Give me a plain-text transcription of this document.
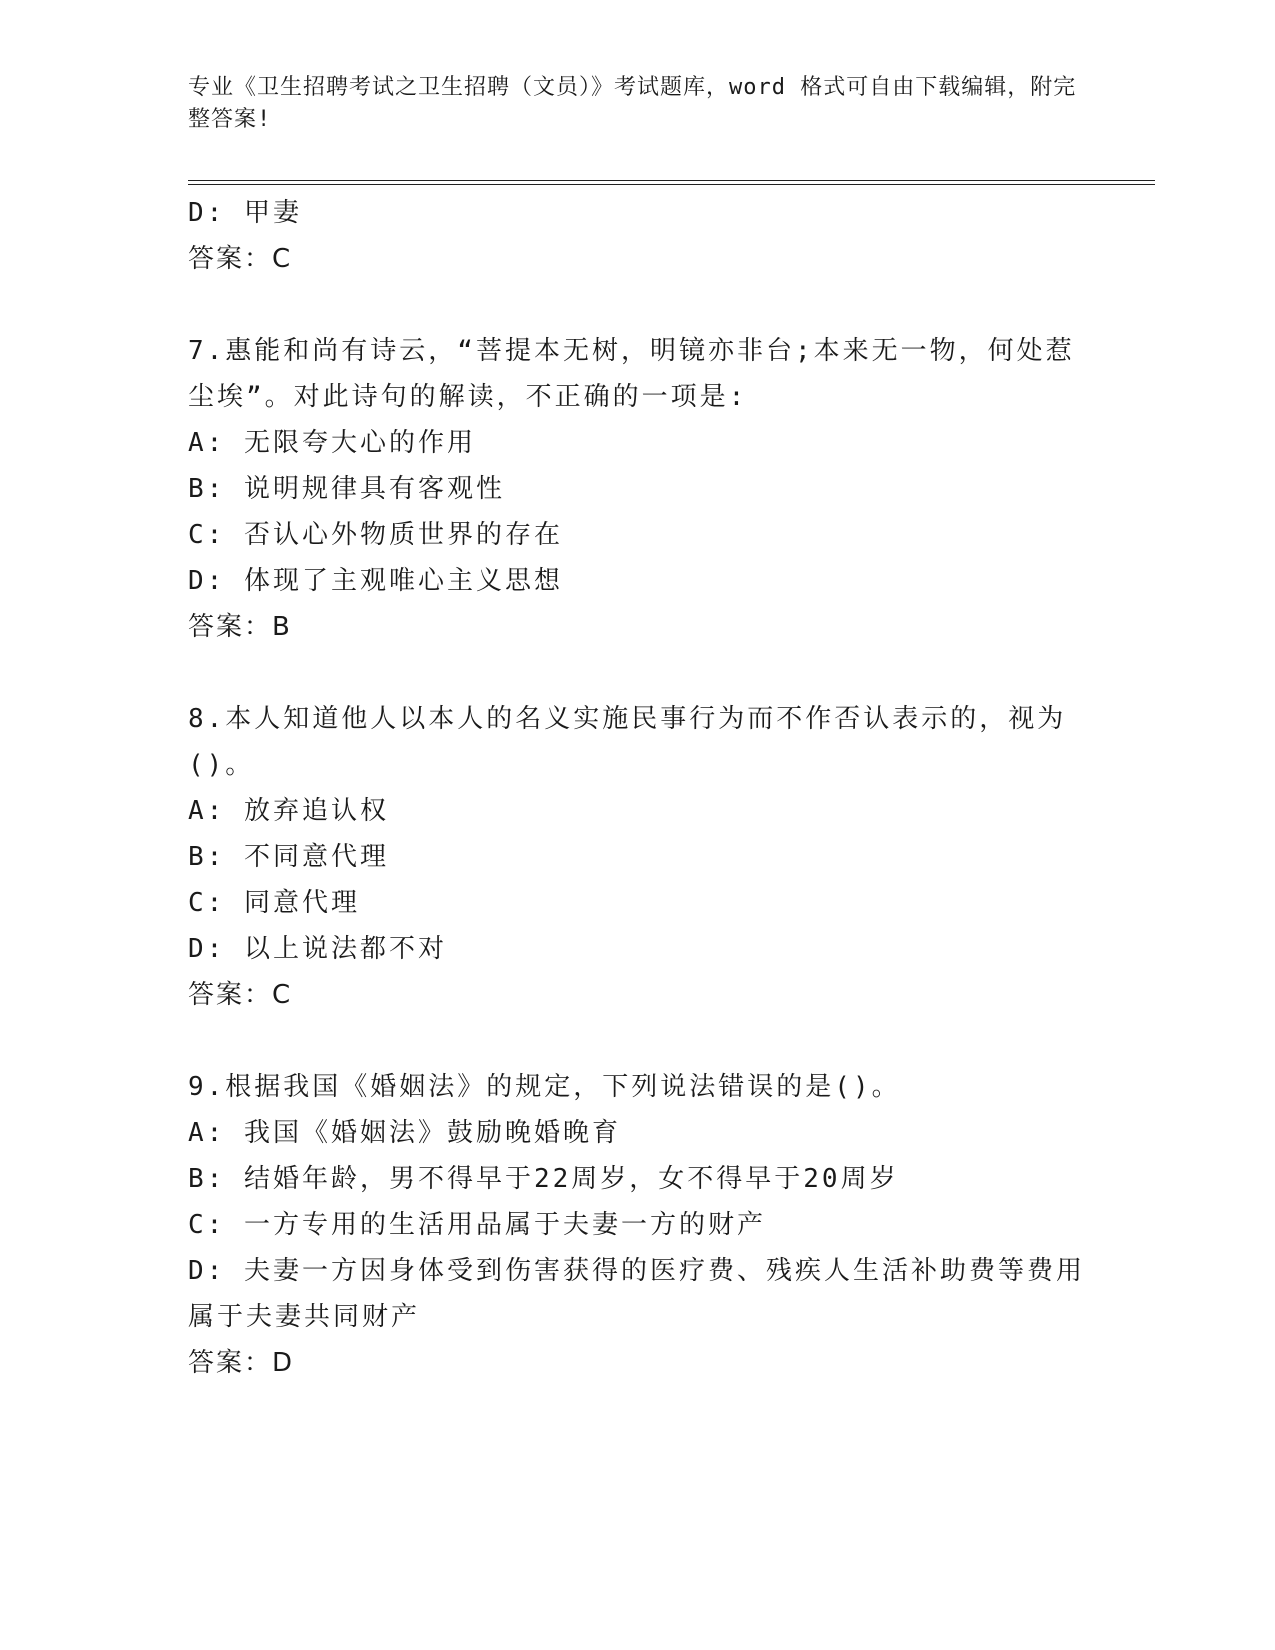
专业《卫生招聘考试之卫生招聘（文员）》考试题库，word 格式可自由下载编辑，附完整答案!
D: 甲妻
答案：C
7.惠能和尚有诗云，“菩提本无树，明镜亦非台;本来无一物，何处惹尘埃”。对此诗句的解读，不正确的一项是:
A: 无限夸大心的作用
B: 说明规律具有客观性
C: 否认心外物质世界的存在
D: 体现了主观唯心主义思想
答案：B
8.本人知道他人以本人的名义实施民事行为而不作否认表示的，视为()。
A: 放弃追认权
B: 不同意代理
C: 同意代理
D: 以上说法都不对
答案：C
9.根据我国《婚姻法》的规定，下列说法错误的是()。
A: 我国《婚姻法》鼓励晚婚晚育
B: 结婚年龄，男不得早于22周岁，女不得早于20周岁
C: 一方专用的生活用品属于夫妻一方的财产
D: 夫妻一方因身体受到伤害获得的医疗费、残疾人生活补助费等费用属于夫妻共同财产
答案：D
